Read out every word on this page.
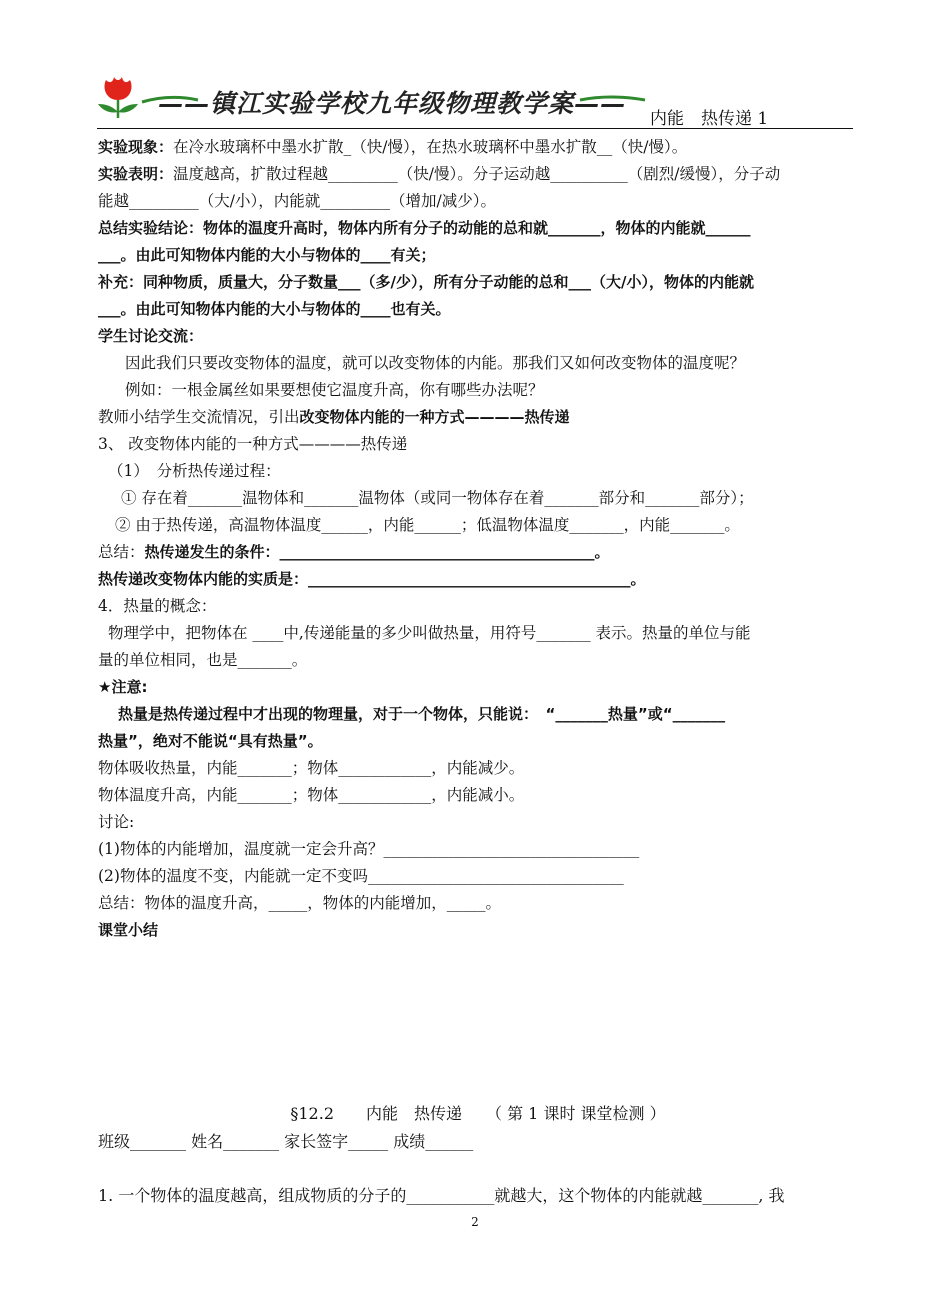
——镇江实验学校九年级物理教学案——
内能　热传递 1
实验现象：在冷水玻璃杯中墨水扩散_（快/慢），在热水玻璃杯中墨水扩散__（快/慢）。
实验表明：温度越高，扩散过程越_________（快/慢）。分子运动越__________（剧烈/缓慢），分子动
能越_________（大/小），内能就_________（增加/减少）。
总结实验结论：物体的温度升高时，物体内所有分子的动能的总和就_______，物体的内能就______
___。由此可知物体内能的大小与物体的____有关；
补充：同种物质，质量大，分子数量___（多/少），所有分子动能的总和___（大/小），物体的内能就
___。由此可知物体内能的大小与物体的____也有关。
学生讨论交流：
因此我们只要改变物体的温度，就可以改变物体的内能。那我们又如何改变物体的温度呢？
例如：一根金属丝如果要想使它温度升高，你有哪些办法呢？
教师小结学生交流情况，引出改变物体内能的一种方式————热传递
3、 改变物体内能的一种方式————热传递
（1）　分析热传递过程：
① 存在着_______温物体和_______温物体（或同一物体存在着_______部分和_______部分）；
② 由于热传递，高温物体温度______，内能______；低温物体温度_______，内能_______。
总结：热传递发生的条件：__________________________________________。
热传递改变物体内能的实质是：___________________________________________。
4．热量的概念：
物理学中，把物体在 ____中,传递能量的多少叫做热量，用符号_______ 表示。热量的单位与能
量的单位相同，也是_______。
★注意:
热量是热传递过程中才出现的物理量，对于一个物体，只能说：　“_______热量”或“_______
热量”，绝对不能说“具有热量”。
物体吸收热量，内能_______；物体____________，内能减少。
物体温度升高，内能_______；物体____________，内能减小。
讨论:
(1)物体的内能增加，温度就一定会升高？_________________________________
(2)物体的温度不变，内能就一定不变吗_________________________________
总结：物体的温度升高，_____，物体的内能增加，_____。
课堂小结
§12.2　　内能　热传递　　（ 第 1 课时 课堂检测 ）
班级_______ 姓名_______ 家长签字_____ 成绩______
1. 一个物体的温度越高，组成物质的分子的___________就越大，这个物体的内能就越_______, 我
2
